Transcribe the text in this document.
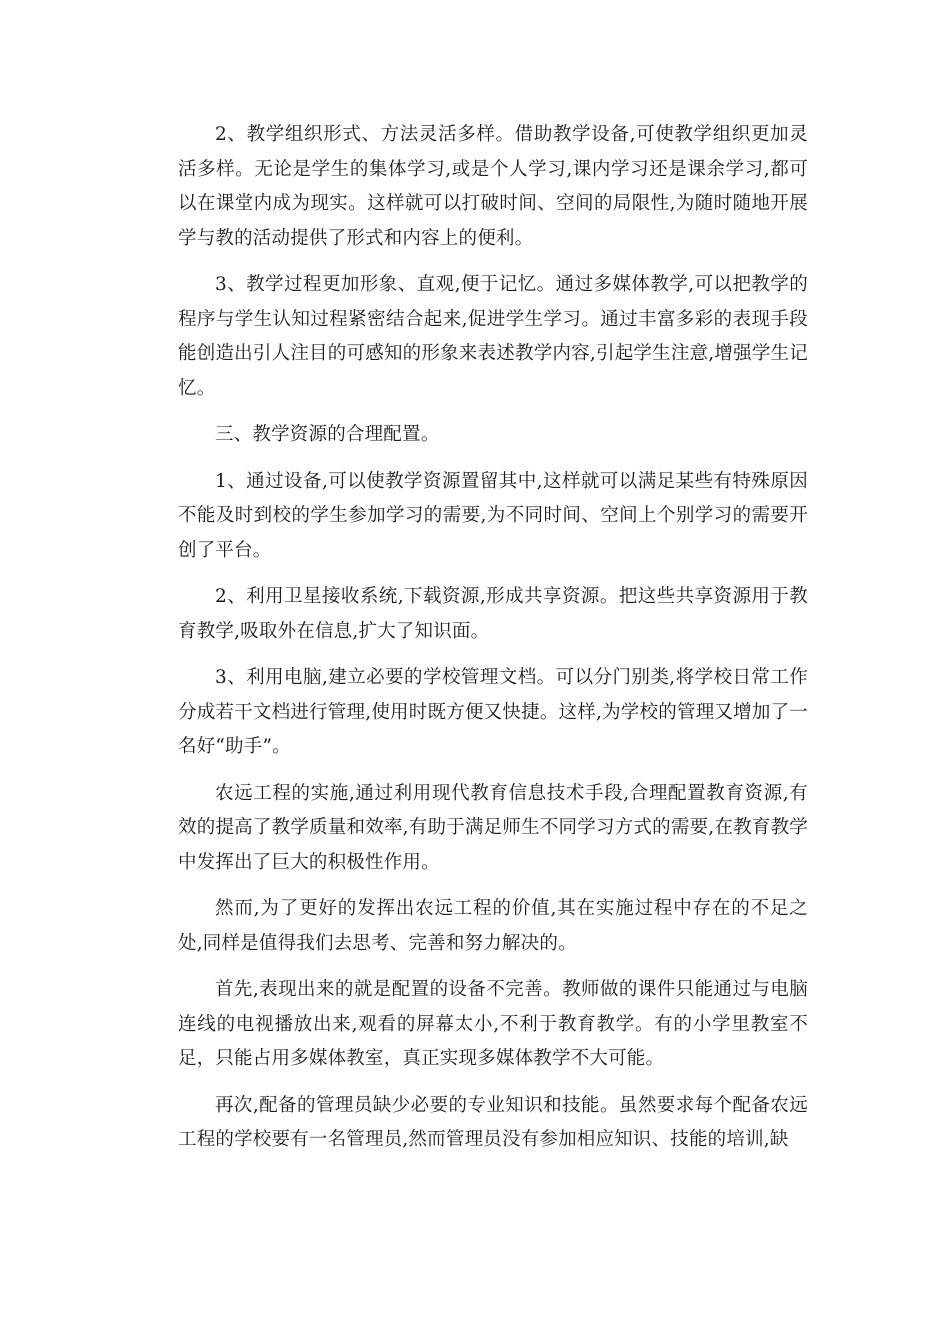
2、教学组织形式、方法灵活多样。借助教学设备,可使教学组织更加灵活多样。无论是学生的集体学习,或是个人学习,课内学习还是课余学习,都可以在课堂内成为现实。这样就可以打破时间、空间的局限性,为随时随地开展学与教的活动提供了形式和内容上的便利。

3、教学过程更加形象、直观,便于记忆。通过多媒体教学,可以把教学的程序与学生认知过程紧密结合起来,促进学生学习。通过丰富多彩的表现手段能创造出引人注目的可感知的形象来表述教学内容,引起学生注意,增强学生记忆。

三、教学资源的合理配置。

1、通过设备,可以使教学资源置留其中,这样就可以满足某些有特殊原因不能及时到校的学生参加学习的需要,为不同时间、空间上个别学习的需要开创了平台。

2、利用卫星接收系统,下载资源,形成共享资源。把这些共享资源用于教育教学,吸取外在信息,扩大了知识面。

3、利用电脑,建立必要的学校管理文档。可以分门别类,将学校日常工作分成若干文档进行管理,使用时既方便又快捷。这样,为学校的管理又增加了一名好“助手”。

农远工程的实施,通过利用现代教育信息技术手段,合理配置教育资源,有效的提高了教学质量和效率,有助于满足师生不同学习方式的需要,在教育教学中发挥出了巨大的积极性作用。

然而,为了更好的发挥出农远工程的价值,其在实施过程中存在的不足之处,同样是值得我们去思考、完善和努力解决的。

首先,表现出来的就是配置的设备不完善。教师做的课件只能通过与电脑连线的电视播放出来,观看的屏幕太小,不利于教育教学。有的小学里教室不足，只能占用多媒体教室，真正实现多媒体教学不大可能。

再次,配备的管理员缺少必要的专业知识和技能。虽然要求每个配备农远工程的学校要有一名管理员,然而管理员没有参加相应知识、技能的培训,缺
